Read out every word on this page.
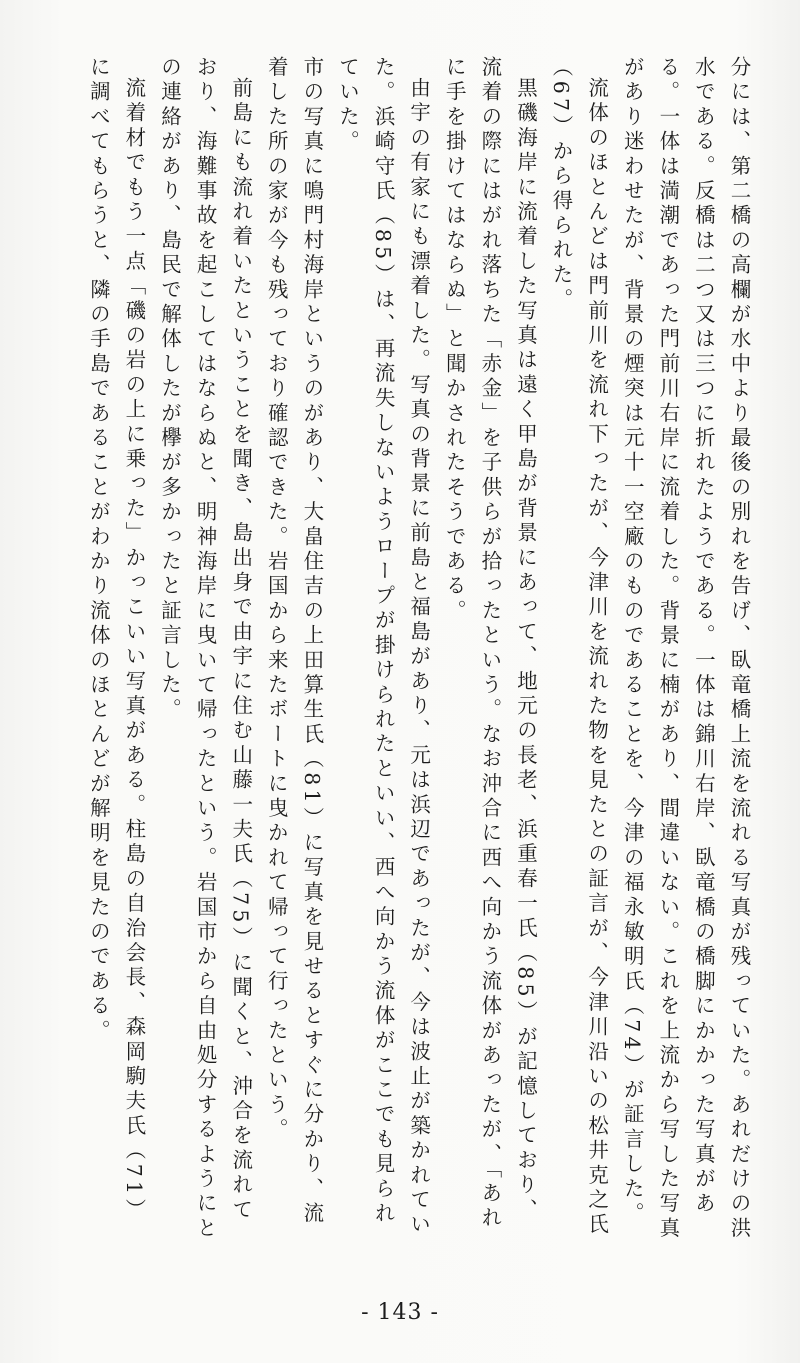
分には、第二橋の高欄が水中より最後の別れを告げ、臥竜橋上流を流れる写真が残っていた。あれだけの洪水である。反橋は二つ又は三つに折れたようである。一体は錦川右岸、臥竜橋の橋脚にかかった写真がある。一体は満潮であった門前川右岸に流着した。背景に楠があり、間違いない。これを上流から写した写真があり迷わせたが、背景の煙突は元十一空廠のものであることを、今津の福永敏明氏（74）が証言した。

流体のほとんどは門前川を流れ下ったが、今津川を流れた物を見たとの証言が、今津川沿いの松井克之氏（67）から得られた。

黒磯海岸に流着した写真は遠く甲島が背景にあって、地元の長老、浜重春一氏（85）が記憶しており、流着の際にはがれ落ちた「赤金」を子供らが拾ったという。なお沖合に西へ向かう流体があったが、「あれに手を掛けてはならぬ」と聞かされたそうである。

由宇の有家にも漂着した。写真の背景に前島と福島があり、元は浜辺であったが、今は波止が築かれていた。浜崎守氏（85）は、再流失しないようロープが掛けられたといい、西へ向かう流体がここでも見られていた。

市の写真に鳴門村海岸というのがあり、大畠住吉の上田算生氏（81）に写真を見せるとすぐに分かり、流着した所の家が今も残っており確認できた。岩国から来たボートに曳かれて帰って行ったという。

前島にも流れ着いたということを聞き、島出身で由宇に住む山藤一夫氏（75）に聞くと、沖合を流れており、海難事故を起こしてはならぬと、明神海岸に曳いて帰ったという。岩国市から自由処分するようにとの連絡があり、島民で解体したが欅が多かったと証言した。

流着材でもう一点「磯の岩の上に乗った」かっこいい写真がある。柱島の自治会長、森岡駒夫氏（71）に調べてもらうと、隣の手島であることがわかり流体のほとんどが解明を見たのである。

- 143 -
